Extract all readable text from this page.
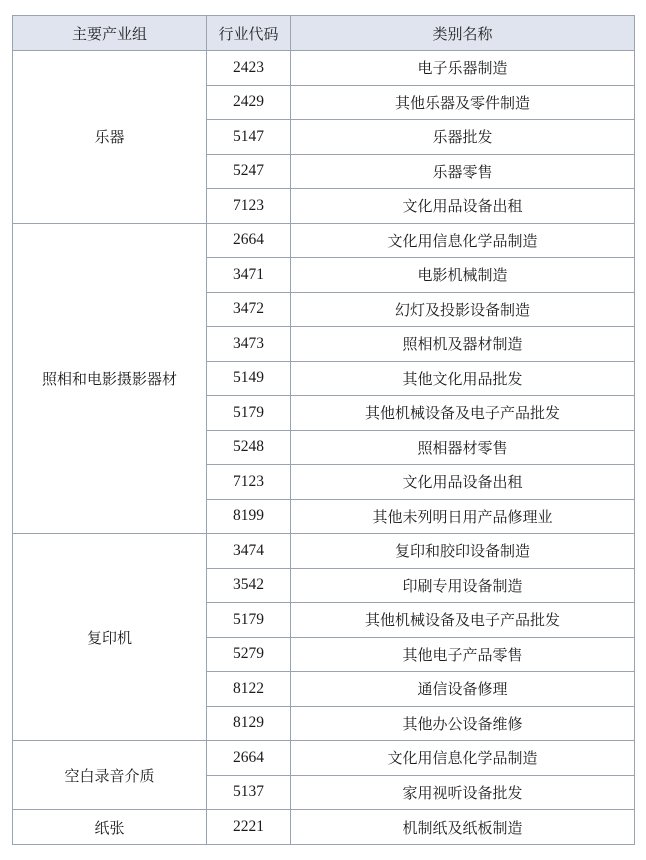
主要产业组	行业代码	类别名称
乐器	2423	电子乐器制造
	2429	其他乐器及零件制造
	5147	乐器批发
	5247	乐器零售
	7123	文化用品设备出租
照相和电影摄影器材	2664	文化用信息化学品制造
	3471	电影机械制造
	3472	幻灯及投影设备制造
	3473	照相机及器材制造
	5149	其他文化用品批发
	5179	其他机械设备及电子产品批发
	5248	照相器材零售
	7123	文化用品设备出租
	8199	其他未列明日用产品修理业
复印机	3474	复印和胶印设备制造
	3542	印刷专用设备制造
	5179	其他机械设备及电子产品批发
	5279	其他电子产品零售
	8122	通信设备修理
	8129	其他办公设备维修
空白录音介质	2664	文化用信息化学品制造
	5137	家用视听设备批发
纸张	2221	机制纸及纸板制造
